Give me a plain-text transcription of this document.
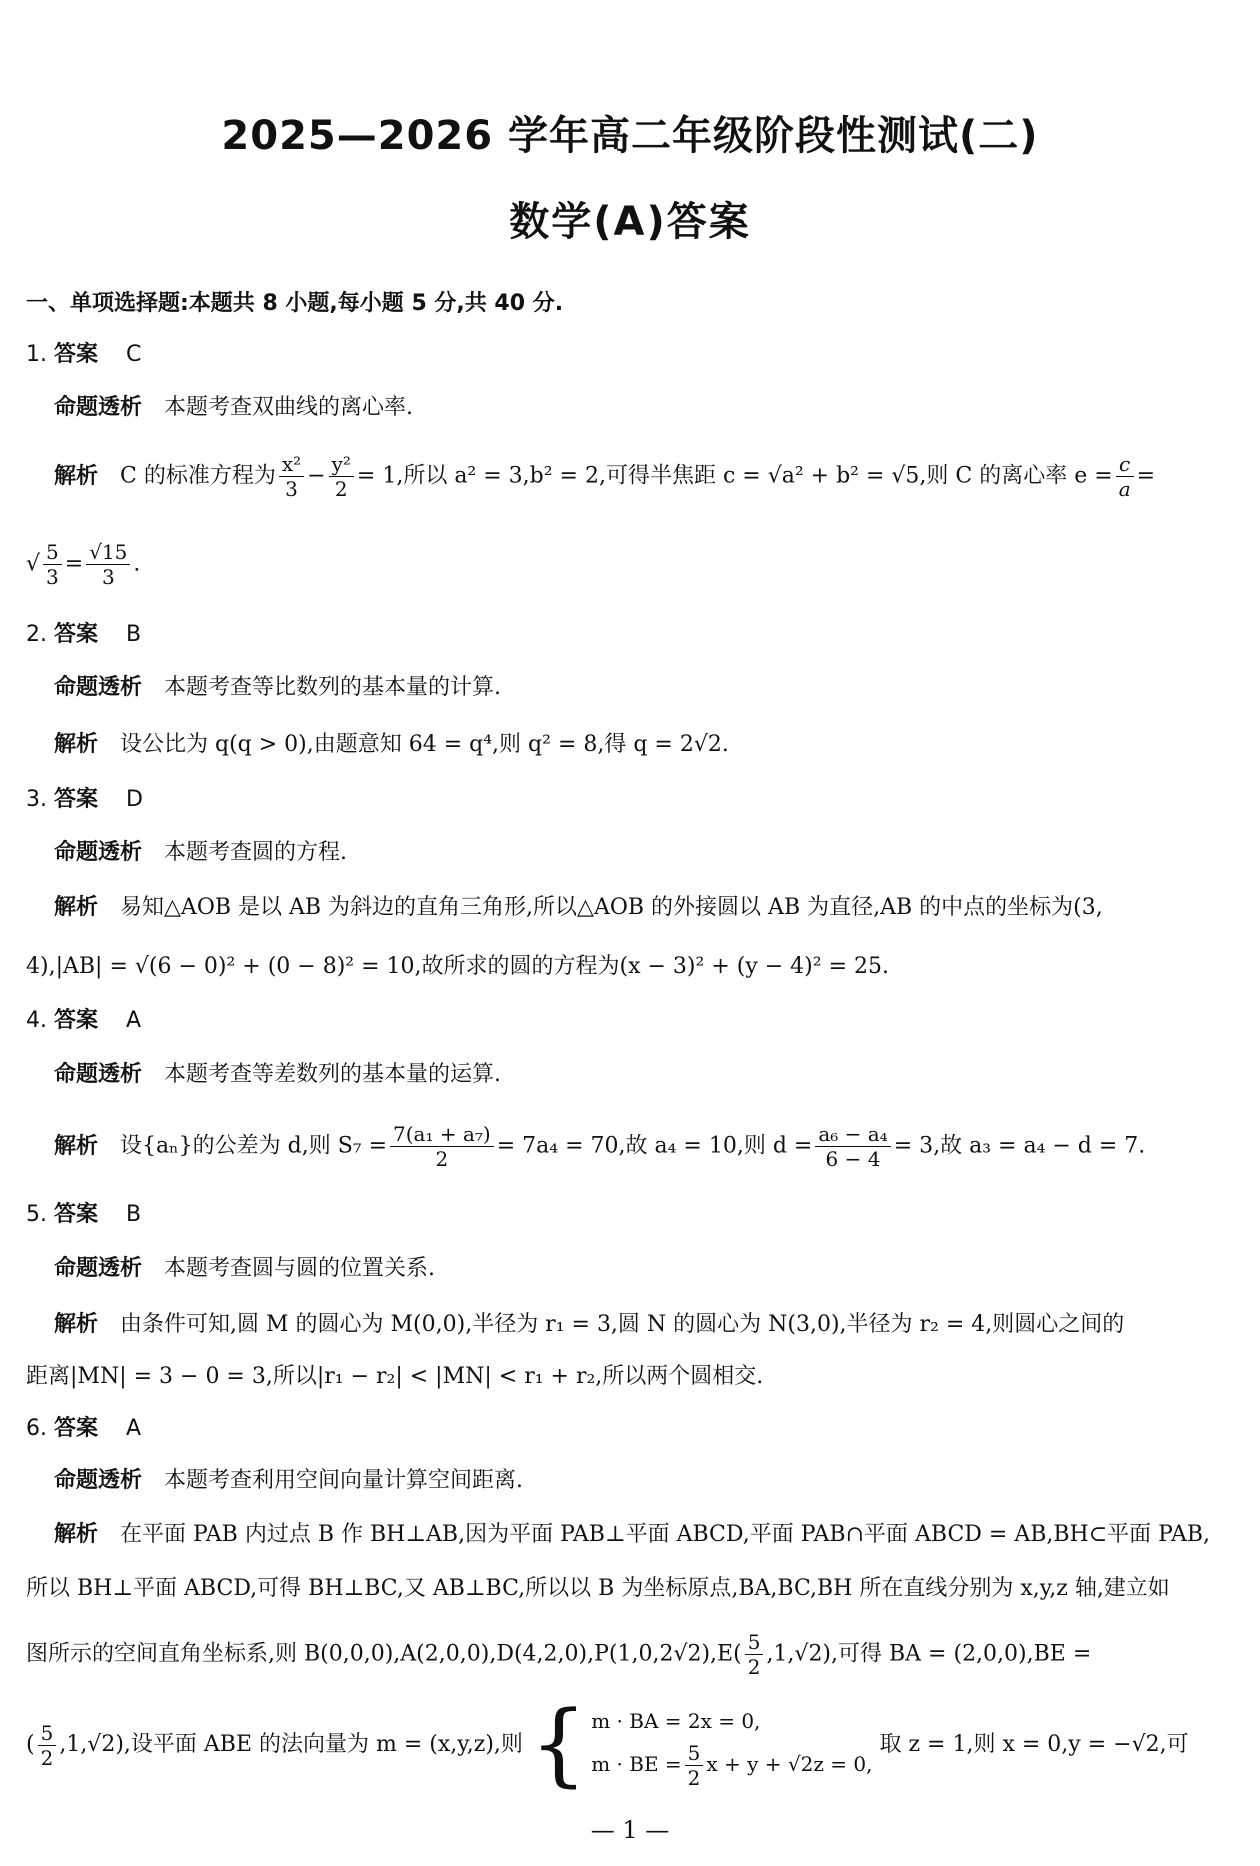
2025—2026 学年高二年级阶段性测试(二)
数学(A)答案
一、单项选择题:本题共 8 小题,每小题 5 分,共 40 分.
1. 答案 C
命题透析 本题考查双曲线的离心率.
解析 C 的标准方程为 $\frac{\text{x²}}{3} - \frac{\text{y²}}{2} = 1$,所以 a² = 3,b² = 2,可得半焦距 c = √a² + b² = √5,则 C 的离心率 $e = \frac{c}{a}$ =
√ $\frac{5}{3} = \frac{√15}{3}$ .
2. 答案 B
命题透析 本题考查等比数列的基本量的计算.
解析 设公比为 q(q > 0),由题意知 64 = q⁴,则 q² = 8,得 q = 2√2.
3. 答案 D
命题透析 本题考查圆的方程.
解析 易知△AOB 是以 AB 为斜边的直角三角形,所以△AOB 的外接圆以 AB 为直径,AB 的中点的坐标为(3,
4),|AB| = √(6 − 0)² + (0 − 8)² = 10,故所求的圆的方程为(x − 3)² + (y − 4)² = 25.
4. 答案 A
命题透析 本题考查等差数列的基本量的运算.
解析 设{aₙ}的公差为 d,则 $S_7 = \frac{\text{7(a₁ + a₇)}}{2} = 7a_4 = 70$,故 a₄ = 10,则 $d = \frac{\text{a₆ − a₄}}{6 - 4} = 3$,故 a₃ = a₄ − d = 7.
5. 答案 B
命题透析 本题考查圆与圆的位置关系.
解析 由条件可知,圆 M 的圆心为 M(0,0),半径为 r₁ = 3,圆 N 的圆心为 N(3,0),半径为 r₂ = 4,则圆心之间的
距离|MN| = 3 − 0 = 3,所以|r₁ − r₂| < |MN| < r₁ + r₂,所以两个圆相交.
6. 答案 A
命题透析 本题考查利用空间向量计算空间距离.
解析 在平面 PAB 内过点 B 作 BH⊥AB,因为平面 PAB⊥平面 ABCD,平面 PAB∩平面 ABCD = AB,BH⊂平面 PAB,
所以 BH⊥平面 ABCD,可得 BH⊥BC,又 AB⊥BC,所以以 B 为坐标原点,BA,BC,BH 所在直线分别为 x,y,z 轴,建立如
图所示的空间直角坐标系,则 $B(0,0,0),A(2,0,0),D(4,2,0),P(1,0,2√2),E( \frac{5}{2} ,1,√2)$,可得 BA = (2,0,0),BE =
( $\frac{5}{2} ,1,√2$),设平面 ABE 的法向量为 m = (x,y,z),则 { m · BA = 2x = 0,
m · BE = $\frac{5}{2}$ x + y + √2z = 0,
取 z = 1,则 x = 0,y = −√2,可
— 1 —
